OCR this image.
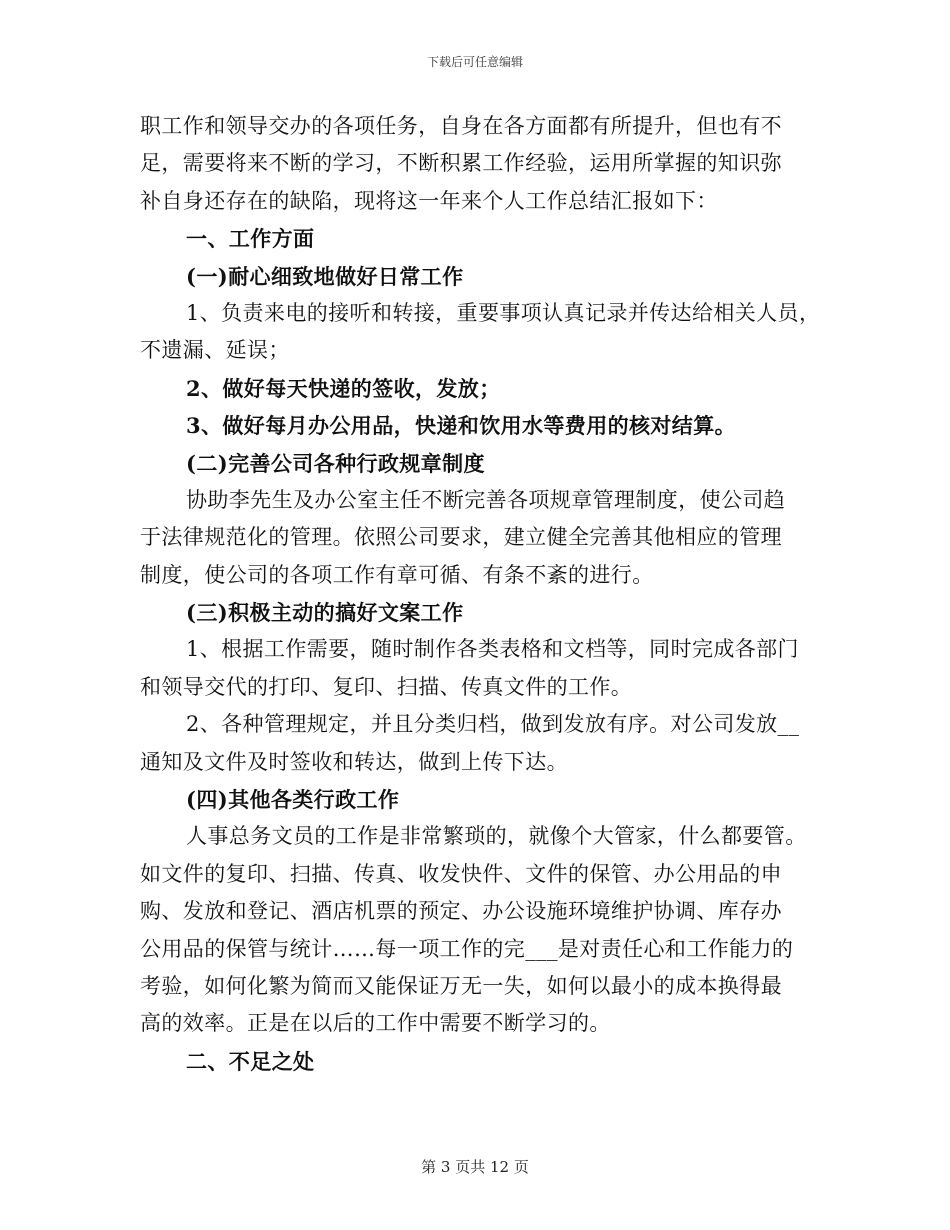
下载后可任意编辑
职工作和领导交办的各项任务，自身在各方面都有所提升，但也有不
足，需要将来不断的学习，不断积累工作经验，运用所掌握的知识弥
补自身还存在的缺陷，现将这一年来个人工作总结汇报如下：
一、工作方面
(一)耐心细致地做好日常工作
1、负责来电的接听和转接，重要事项认真记录并传达给相关人员，
不遗漏、延误；
2、做好每天快递的签收，发放；
3、做好每月办公用品，快递和饮用水等费用的核对结算。
(二)完善公司各种行政规章制度
协助李先生及办公室主任不断完善各项规章管理制度，使公司趋
于法律规范化的管理。依照公司要求，建立健全完善其他相应的管理
制度，使公司的各项工作有章可循、有条不紊的进行。
(三)积极主动的搞好文案工作
1、根据工作需要，随时制作各类表格和文档等，同时完成各部门
和领导交代的打印、复印、扫描、传真文件的工作。
2、各种管理规定，并且分类归档，做到发放有序。对公司发放__
通知及文件及时签收和转达，做到上传下达。
(四)其他各类行政工作
人事总务文员的工作是非常繁琐的，就像个大管家，什么都要管。
如文件的复印、扫描、传真、收发快件、文件的保管、办公用品的申
购、发放和登记、酒店机票的预定、办公设施环境维护协调、库存办
公用品的保管与统计……每一项工作的完___是对责任心和工作能力的
考验，如何化繁为简而又能保证万无一失，如何以最小的成本换得最
高的效率。正是在以后的工作中需要不断学习的。
二、不足之处
第 3 页共 12 页
